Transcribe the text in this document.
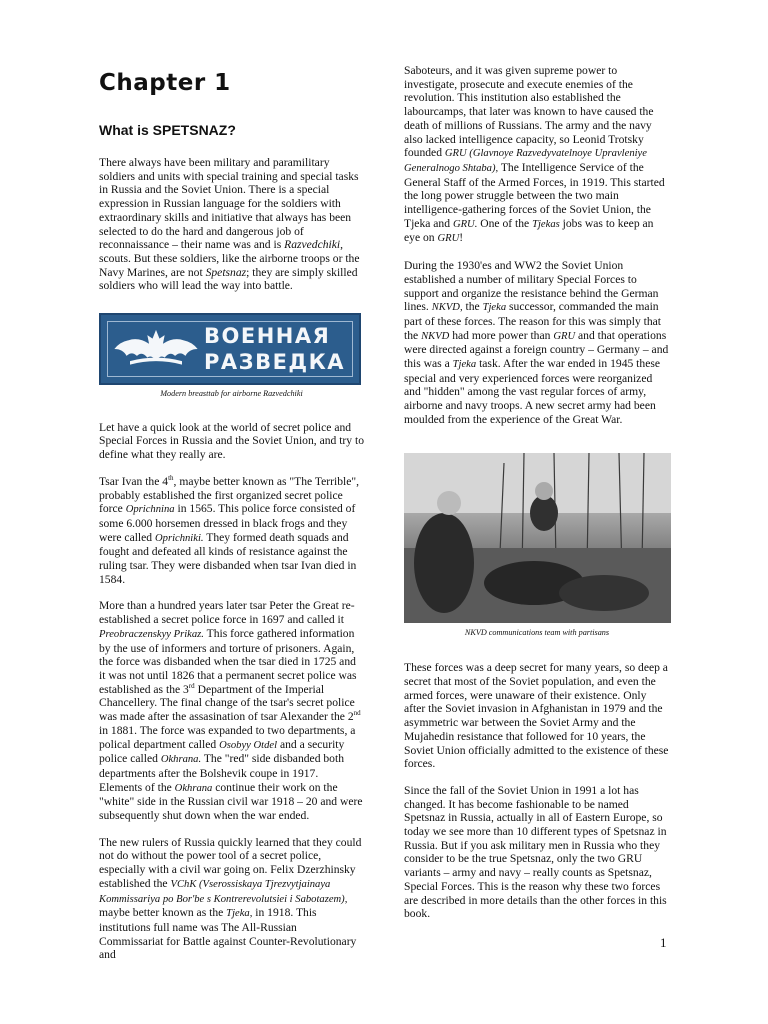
Chapter 1
What is SPETSNAZ?

There always have been military and paramilitary soldiers and units with special training and special tasks in Russia and the Soviet Union. There is a special expression in Russian language for the soldiers with extraordinary skills and initiative that always has been selected to do the hard and dangerous job of reconnaissance – their name was and is Razvedchiki, scouts. But these soldiers, like the airborne troops or the Navy Marines, are not Spetsnaz; they are simply skilled soldiers who will lead the way into battle.

ВОЕННАЯ
РАЗВЕДКА

Modern breasttab for airborne Razvedchiki

Let have a quick look at the world of secret police and Special Forces in Russia and the Soviet Union, and try to define what they really are.

Tsar Ivan the 4th, maybe better known as "The Terrible", probably established the first organized secret police force Oprichnina in 1565. This police force consisted of some 6.000 horsemen dressed in black frogs and they were called Oprichniki. They formed death squads and fought and defeated all kinds of resistance against the ruling tsar. They were disbanded when tsar Ivan died in 1584.

More than a hundred years later tsar Peter the Great re-established a secret police force in 1697 and called it Preobraczenskyy Prikaz. This force gathered information by the use of informers and torture of prisoners. Again, the force was disbanded when the tsar died in 1725 and it was not until 1826 that a permanent secret police was established as the 3rd Department of the Imperial Chancellery. The final change of the tsar's secret police was made after the assasination of tsar Alexander the 2nd in 1881. The force was expanded to two departments, a polical department called Osobyy Otdel and a security police called Okhrana. The "red" side disbanded both departments after the Bolshevik coupe in 1917. Elements of the Okhrana continue their work on the "white" side in the Russian civil war 1918 – 20 and were subsequently shut down when the war ended.

The new rulers of Russia quickly learned that they could not do without the power tool of a secret police, especially with a civil war going on. Felix Dzerzhinsky established the VChK (Vserossiskaya Tjrezvytjainaya Kommissariya po Bor'be s Kontrerevolutsiei i Sabotazem), maybe better known as the Tjeka, in 1918. This institutions full name was The All-Russian Commissariat for Battle against Counter-Revolutionary and

Saboteurs, and it was given supreme power to investigate, prosecute and execute enemies of the revolution. This institution also established the labourcamps, that later was known to have caused the death of millions of Russians. The army and the navy also lacked intelligence capacity, so Leonid Trotsky founded GRU (Glavnoye Razvedyvatelnoye Upravleniye Generalnogo Shtaba), The Intelligence Service of the General Staff of the Armed Forces, in 1919. This started the long power struggle between the two main intelligence-gathering forces of the Soviet Union, the Tjeka and GRU. One of the Tjekas jobs was to keep an eye on GRU!

During the 1930'es and WW2 the Soviet Union established a number of military Special Forces to support and organize the resistance behind the German lines. NKVD, the Tjeka successor, commanded the main part of these forces. The reason for this was simply that the NKVD had more power than GRU and that operations were directed against a foreign country – Germany – and this was a Tjeka task. After the war ended in 1945 these special and very experienced forces were reorganized and "hidden" among the vast regular forces of army, airborne and navy troops. A new secret army had been moulded from the experience of the Great War.

NKVD communications team with partisans

These forces was a deep secret for many years, so deep a secret that most of the Soviet population, and even the armed forces, were unaware of their existence. Only after the Soviet invasion in Afghanistan in 1979 and the asymmetric war between the Soviet Army and the Mujahedin resistance that followed for 10 years, the Soviet Union officially admitted to the existence of these forces.

Since the fall of the Soviet Union in 1991 a lot has changed. It has become fashionable to be named Spetsnaz in Russia, actually in all of Eastern Europe, so today we see more than 10 different types of Spetsnaz in Russia. But if you ask military men in Russia who they consider to be the true Spetsnaz, only the two GRU variants – army and navy – really counts as Spetsnaz, Special Forces. This is the reason why these two forces are described in more details than the other forces in this book.

1
